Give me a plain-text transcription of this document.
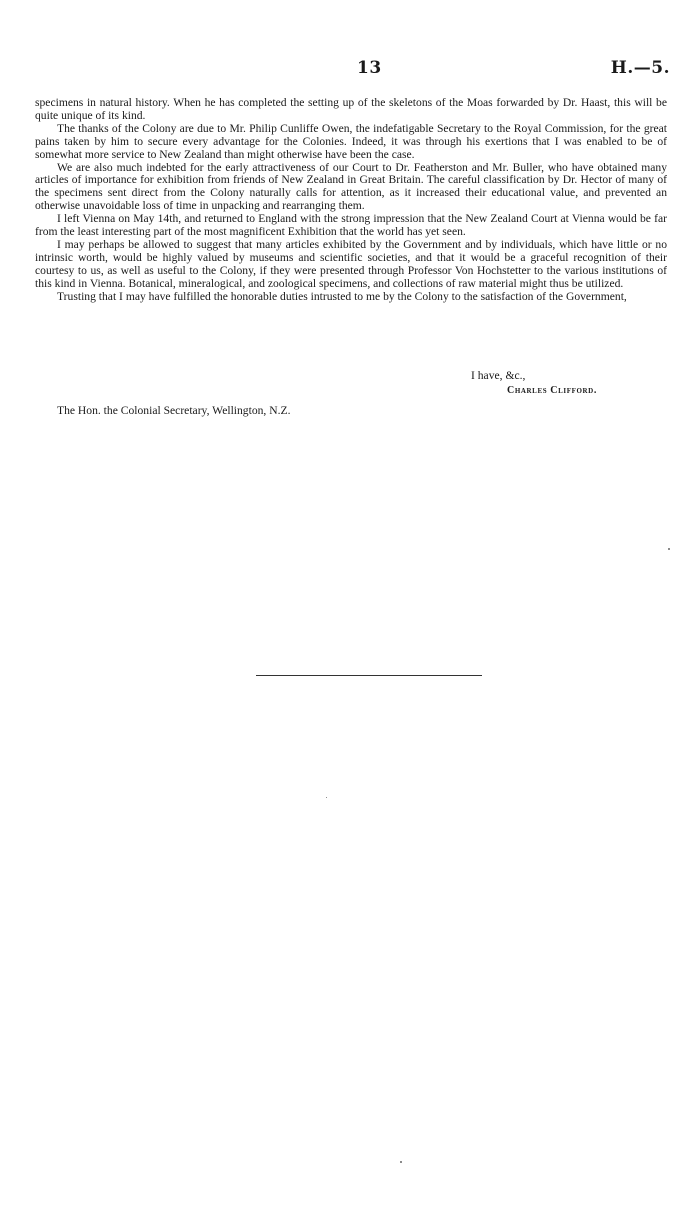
13	H.—5.

specimens in natural history. When he has completed the setting up of the skeletons of the Moas forwarded by Dr. Haast, this will be quite unique of its kind.

The thanks of the Colony are due to Mr. Philip Cunliffe Owen, the indefatigable Secretary to the Royal Commission, for the great pains taken by him to secure every advantage for the Colonies. Indeed, it was through his exertions that I was enabled to be of somewhat more service to New Zealand than might otherwise have been the case.

We are also much indebted for the early attractiveness of our Court to Dr. Featherston and Mr. Buller, who have obtained many articles of importance for exhibition from friends of New Zealand in Great Britain. The careful classification by Dr. Hector of many of the specimens sent direct from the Colony naturally calls for attention, as it increased their educational value, and prevented an otherwise unavoidable loss of time in unpacking and rearranging them.

I left Vienna on May 14th, and returned to England with the strong impression that the New Zealand Court at Vienna would be far from the least interesting part of the most magnificent Exhibition that the world has yet seen.

I may perhaps be allowed to suggest that many articles exhibited by the Government and by individuals, which have little or no intrinsic worth, would be highly valued by museums and scientific societies, and that it would be a graceful recognition of their courtesy to us, as well as useful to the Colony, if they were presented through Professor Von Hochstetter to the various institutions of this kind in Vienna. Botanical, mineralogical, and zoological specimens, and collections of raw material might thus be utilized.

Trusting that I may have fulfilled the honorable duties intrusted to me by the Colony to the satisfaction of the Government,

I have, &c.,
Charles Clifford.
The Hon. the Colonial Secretary, Wellington, N.Z.
